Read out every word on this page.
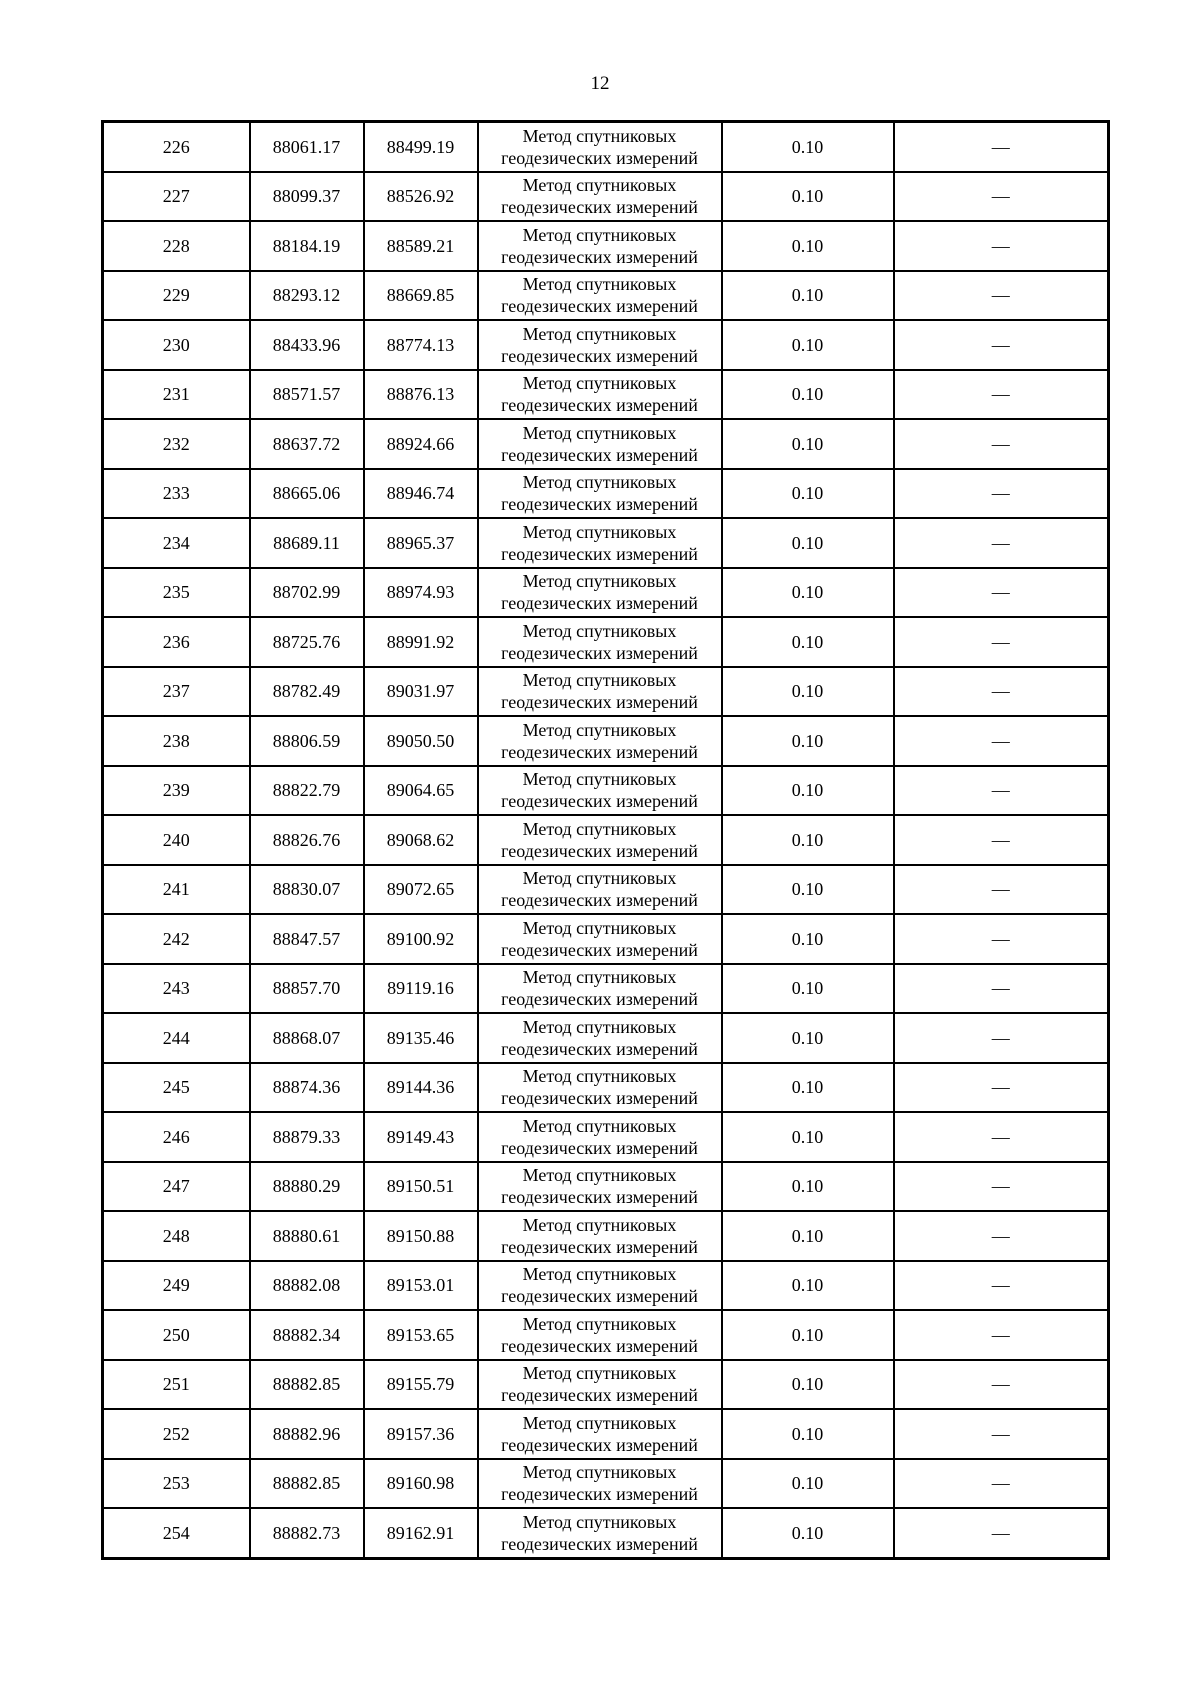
12
226	88061.17	88499.19	Метод спутниковых
геодезических измерений	0.10	—
227	88099.37	88526.92	Метод спутниковых
геодезических измерений	0.10	—
228	88184.19	88589.21	Метод спутниковых
геодезических измерений	0.10	—
229	88293.12	88669.85	Метод спутниковых
геодезических измерений	0.10	—
230	88433.96	88774.13	Метод спутниковых
геодезических измерений	0.10	—
231	88571.57	88876.13	Метод спутниковых
геодезических измерений	0.10	—
232	88637.72	88924.66	Метод спутниковых
геодезических измерений	0.10	—
233	88665.06	88946.74	Метод спутниковых
геодезических измерений	0.10	—
234	88689.11	88965.37	Метод спутниковых
геодезических измерений	0.10	—
235	88702.99	88974.93	Метод спутниковых
геодезических измерений	0.10	—
236	88725.76	88991.92	Метод спутниковых
геодезических измерений	0.10	—
237	88782.49	89031.97	Метод спутниковых
геодезических измерений	0.10	—
238	88806.59	89050.50	Метод спутниковых
геодезических измерений	0.10	—
239	88822.79	89064.65	Метод спутниковых
геодезических измерений	0.10	—
240	88826.76	89068.62	Метод спутниковых
геодезических измерений	0.10	—
241	88830.07	89072.65	Метод спутниковых
геодезических измерений	0.10	—
242	88847.57	89100.92	Метод спутниковых
геодезических измерений	0.10	—
243	88857.70	89119.16	Метод спутниковых
геодезических измерений	0.10	—
244	88868.07	89135.46	Метод спутниковых
геодезических измерений	0.10	—
245	88874.36	89144.36	Метод спутниковых
геодезических измерений	0.10	—
246	88879.33	89149.43	Метод спутниковых
геодезических измерений	0.10	—
247	88880.29	89150.51	Метод спутниковых
геодезических измерений	0.10	—
248	88880.61	89150.88	Метод спутниковых
геодезических измерений	0.10	—
249	88882.08	89153.01	Метод спутниковых
геодезических измерений	0.10	—
250	88882.34	89153.65	Метод спутниковых
геодезических измерений	0.10	—
251	88882.85	89155.79	Метод спутниковых
геодезических измерений	0.10	—
252	88882.96	89157.36	Метод спутниковых
геодезических измерений	0.10	—
253	88882.85	89160.98	Метод спутниковых
геодезических измерений	0.10	—
254	88882.73	89162.91	Метод спутниковых
геодезических измерений	0.10	—
